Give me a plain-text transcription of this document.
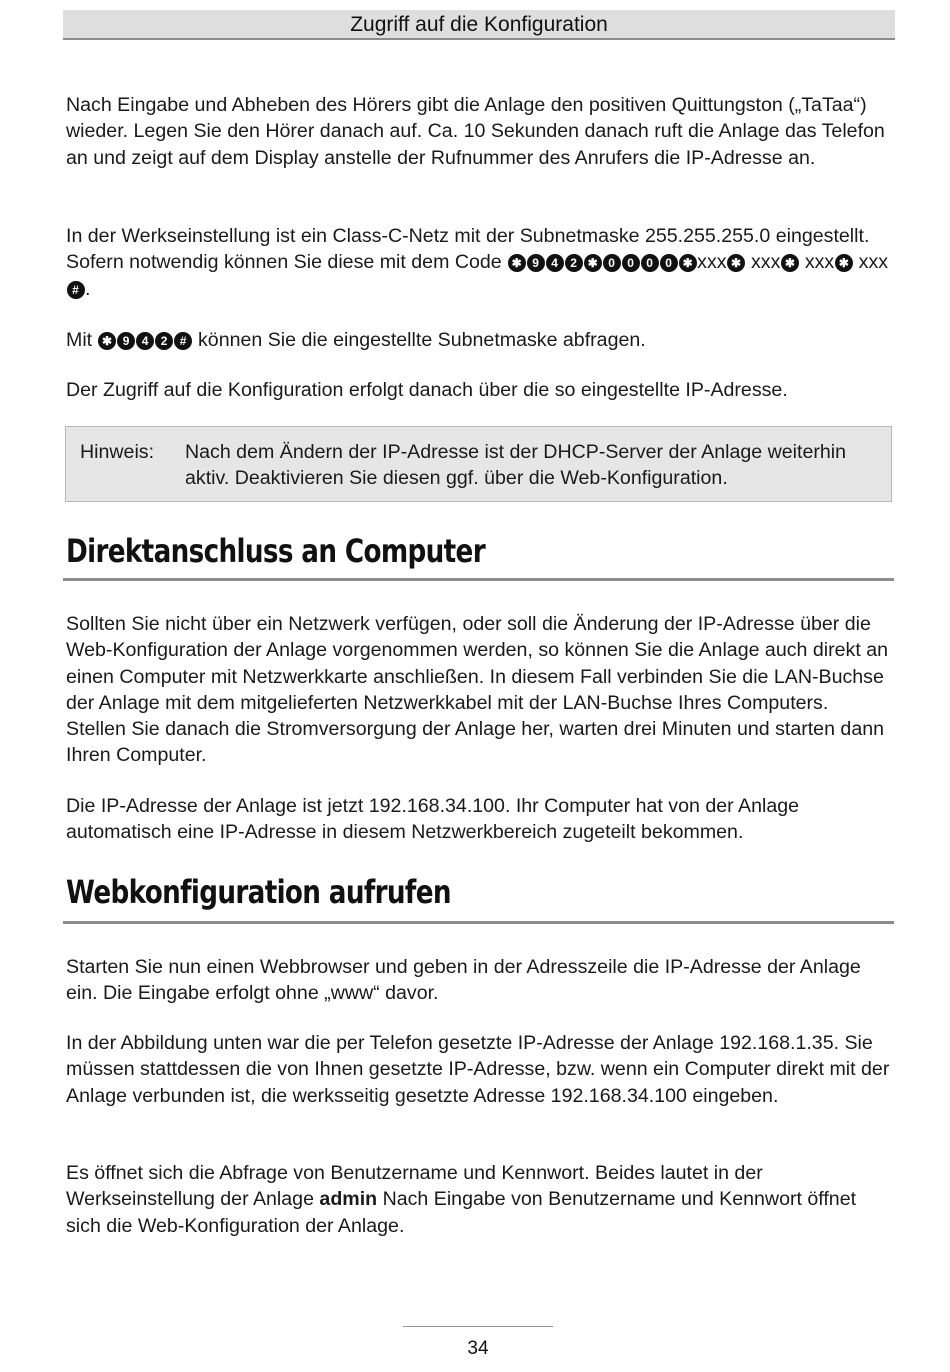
Zugriff auf die Konfiguration

Nach Eingabe und Abheben des Hörers gibt die Anlage den positiven Quittungston („TaTaa“) wieder. Legen Sie den Hörer danach auf. Ca. 10 Sekunden danach ruft die Anlage das Telefon an und zeigt auf dem Display anstelle der Rufnummer des Anrufers die IP-Adresse an.

In der Werkseinstellung ist ein Class-C-Netz mit der Subnetmaske 255.255.255.0 eingestellt. Sofern notwendig können Sie diese mit dem Code ✱ 9 4 2 ✱ 0 0 0 0 ✱ xxx ✱ xxx ✱ xxx ✱ xxx# .

Mit ✱ 9 4 2 # können Sie die eingestellte Subnetmaske abfragen.

Der Zugriff auf die Konfiguration erfolgt danach über die so eingestellte IP-Adresse.

Hinweis: Nach dem Ändern der IP-Adresse ist der DHCP-Server der Anlage weiterhin aktiv. Deaktivieren Sie diesen ggf. über die Web-Konfiguration.

Direktanschluss an Computer

Sollten Sie nicht über ein Netzwerk verfügen, oder soll die Änderung der IP-Adresse über die Web-Konfiguration der Anlage vorgenommen werden, so können Sie die Anlage auch direkt an einen Computer mit Netzwerkkarte anschließen. In diesem Fall verbinden Sie die LAN-Buchse der Anlage mit dem mitgelieferten Netzwerkkabel mit der LAN-Buchse Ihres Computers. Stellen Sie danach die Stromversorgung der Anlage her, warten drei Minuten und starten dann Ihren Computer.

Die IP-Adresse der Anlage ist jetzt 192.168.34.100. Ihr Computer hat von der Anlage automatisch eine IP-Adresse in diesem Netzwerkbereich zugeteilt bekommen.

Webkonfiguration aufrufen

Starten Sie nun einen Webbrowser und geben in der Adresszeile die IP-Adresse der Anlage ein. Die Eingabe erfolgt ohne „www“ davor.

In der Abbildung unten war die per Telefon gesetzte IP-Adresse der Anlage 192.168.1.35. Sie müssen stattdessen die von Ihnen gesetzte IP-Adresse, bzw. wenn ein Computer direkt mit der Anlage verbunden ist, die werksseitig gesetzte Adresse 192.168.34.100 eingeben.

Es öffnet sich die Abfrage von Benutzername und Kennwort. Beides lautet in der Werkseinstellung der Anlage admin Nach Eingabe von Benutzername und Kennwort öffnet sich die Web-Konfiguration der Anlage.

34
